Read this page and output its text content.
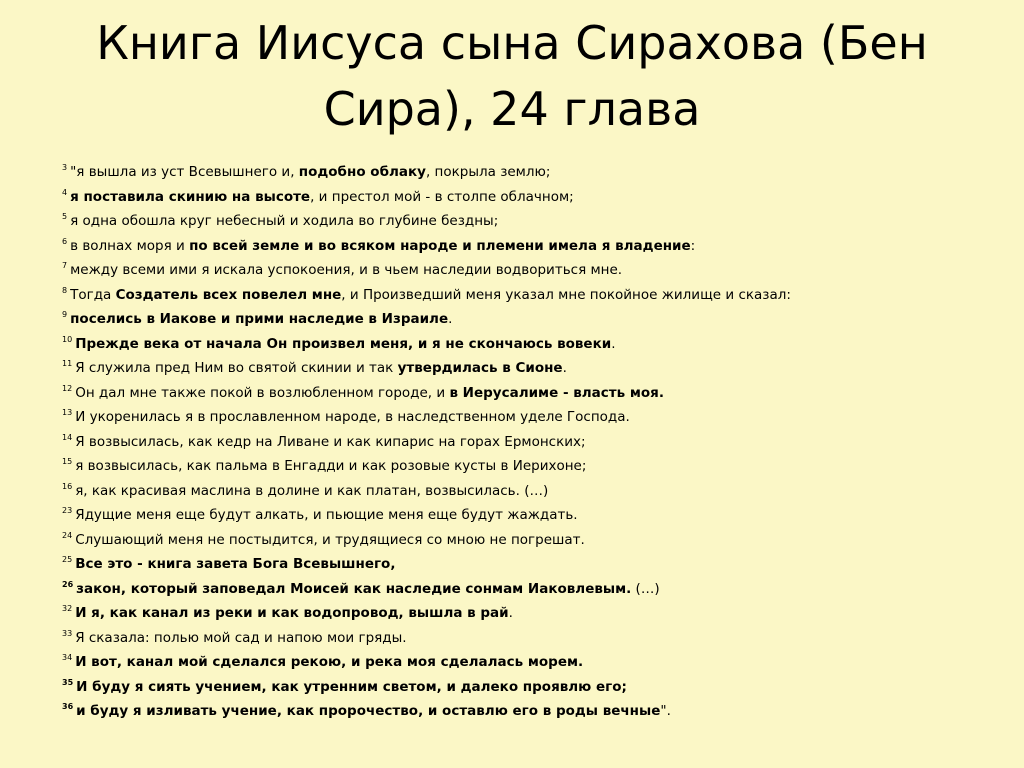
Книга Иисуса сына Сирахова (Бен Сира), 24 глава
$^3$ "я вышла из уст Всевышнего и, подобно облаку, покрыла землю;
$^4$ я поставила скинию на высоте, и престол мой - в столпе облачном;
$^5$ я одна обошла круг небесный и ходила во глубине бездны;
$^6$ в волнах моря и по всей земле и во всяком народе и племени имела я владение:
$^7$ между всеми ими я искала успокоения, и в чьем наследии водвориться мне.
$^8$ Тогда Создатель всех повелел мне, и Произведший меня указал мне покойное жилище и сказал:
$^9$ поселись в Иакове и прими наследие в Израиле.
$^{10}$ Прежде века от начала Он произвел меня, и я не скончаюсь вовеки.
$^{11}$ Я служила пред Ним во святой скинии и так утвердилась в Сионе.
$^{12}$ Он дал мне также покой в возлюбленном городе, и в Иерусалиме - власть моя.
$^{13}$ И укоренилась я в прославленном народе, в наследственном уделе Господа.
$^{14}$ Я возвысилась, как кедр на Ливане и как кипарис на горах Ермонских;
$^{15}$ я возвысилась, как пальма в Енгадди и как розовые кусты в Иерихоне;
$^{16}$ я, как красивая маслина в долине и как платан, возвысилась. (…)
$^{23}$ Ядущие меня еще будут алкать, и пьющие меня еще будут жаждать.
$^{24}$ Слушающий меня не постыдится, и трудящиеся со мною не погрешат.
$^{25}$ Все это - книга завета Бога Всевышнего,
$^{26}$ закон, который заповедал Моисей как наследие сонмам Иаковлевым. (…)
$^{32}$ И я, как канал из реки и как водопровод, вышла в рай.
$^{33}$ Я сказала: полью мой сад и напою мои гряды.
$^{34}$ И вот, канал мой сделался рекою, и река моя сделалась морем.
$^{35}$ И буду я сиять учением, как утренним светом, и далеко проявлю его;
$^{36}$ и буду я изливать учение, как пророчество, и оставлю его в роды вечные".
